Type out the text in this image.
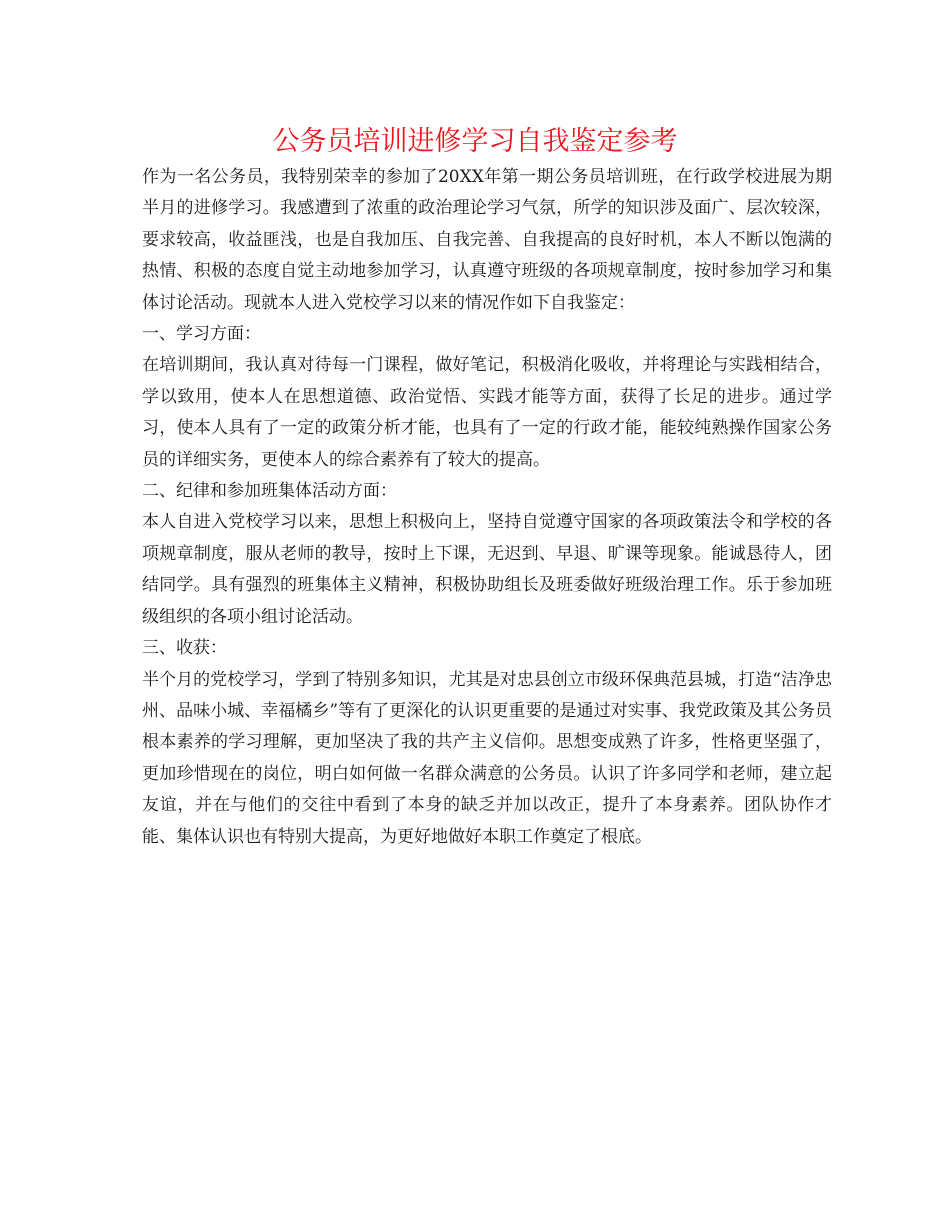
公务员培训进修学习自我鉴定参考

作为一名公务员，我特别荣幸的参加了20XX年第一期公务员培训班，在行政学校进展为期半月的进修学习。我感遭到了浓重的政治理论学习气氛，所学的知识涉及面广、层次较深，要求较高，收益匪浅，也是自我加压、自我完善、自我提高的良好时机，本人不断以饱满的热情、积极的态度自觉主动地参加学习，认真遵守班级的各项规章制度，按时参加学习和集体讨论活动。现就本人进入党校学习以来的情况作如下自我鉴定：

一、学习方面：

在培训期间，我认真对待每一门课程，做好笔记，积极消化吸收，并将理论与实践相结合，学以致用，使本人在思想道德、政治觉悟、实践才能等方面，获得了长足的进步。通过学习，使本人具有了一定的政策分析才能，也具有了一定的行政才能，能较纯熟操作国家公务员的详细实务，更使本人的综合素养有了较大的提高。

二、纪律和参加班集体活动方面：

本人自进入党校学习以来，思想上积极向上，坚持自觉遵守国家的各项政策法令和学校的各项规章制度，服从老师的教导，按时上下课，无迟到、早退、旷课等现象。能诚恳待人，团结同学。具有强烈的班集体主义精神，积极协助组长及班委做好班级治理工作。乐于参加班级组织的各项小组讨论活动。

三、收获：

半个月的党校学习，学到了特别多知识，尤其是对忠县创立市级环保典范县城，打造“洁净忠州、品味小城、幸福橘乡”等有了更深化的认识更重要的是通过对实事、我党政策及其公务员根本素养的学习理解，更加坚决了我的共产主义信仰。思想变成熟了许多，性格更坚强了，更加珍惜现在的岗位，明白如何做一名群众满意的公务员。认识了许多同学和老师，建立起友谊，并在与他们的交往中看到了本身的缺乏并加以改正，提升了本身素养。团队协作才能、集体认识也有特别大提高，为更好地做好本职工作奠定了根底。
